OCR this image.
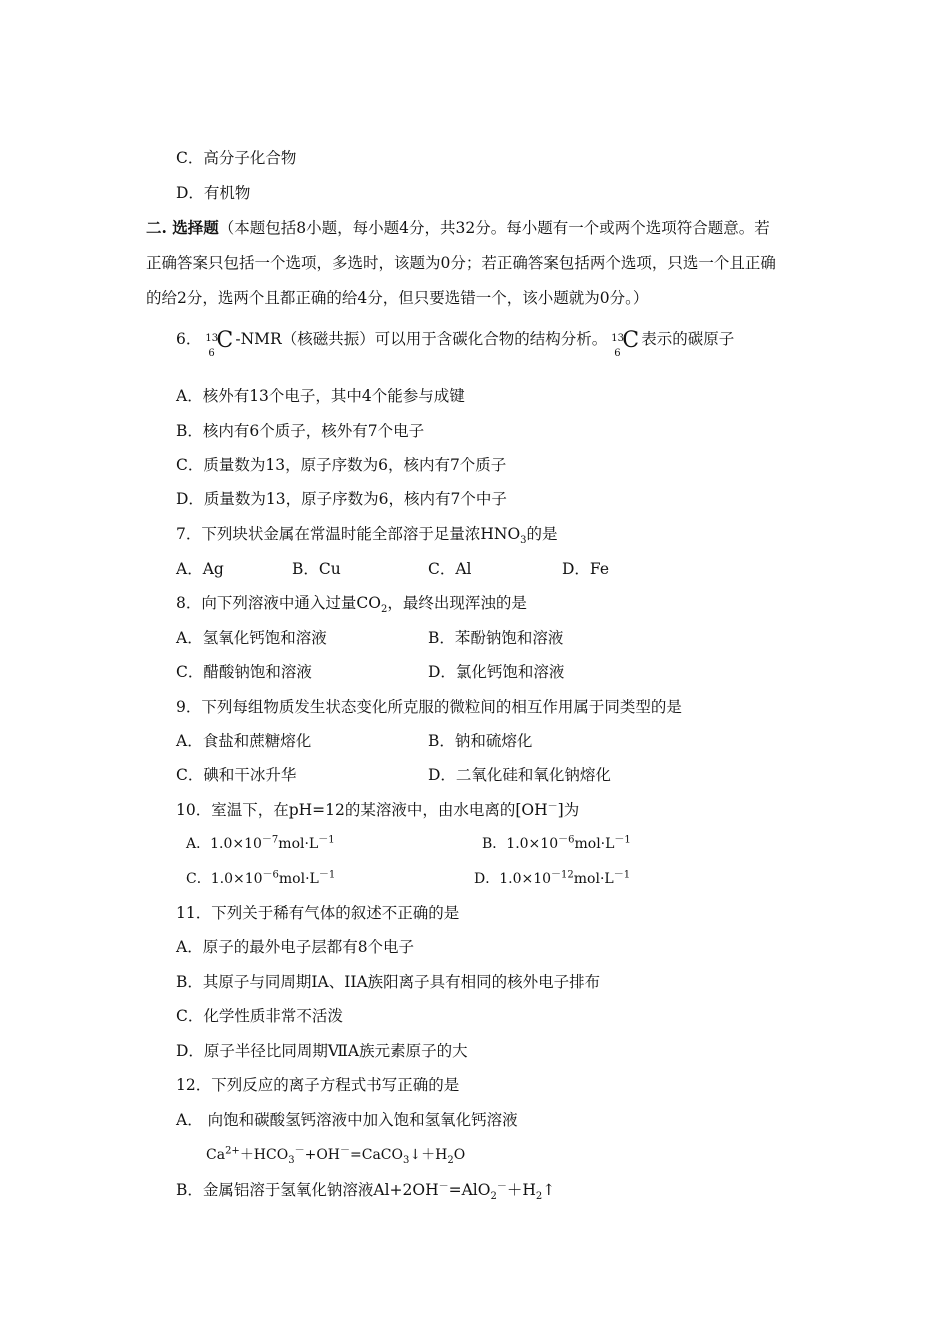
C．高分子化合物
D．有机物
二. 选择题（本题包括8小题，每小题4分，共32分。每小题有一个或两个选项符合题意。若
正确答案只包括一个选项，多选时，该题为0分；若正确答案包括两个选项，只选一个且正确
的给2分，选两个且都正确的给4分，但只要选错一个，该小题就为0分。）
6． 13
6
C -NMR（核磁共振）可以用于含碳化合物的结构分析。 13
6
C 表示的碳原子
A．核外有13个电子，其中4个能参与成键
B．核内有6个质子，核外有7个电子
C．质量数为13，原子序数为6，核内有7个质子
D．质量数为13，原子序数为6，核内有7个中子
7．下列块状金属在常温时能全部溶于足量浓$HNO_3$的是
A．Ag	B．Cu	C．Al	D．Fe
8．向下列溶液中通入过量$CO_2$，最终出现浑浊的是
A．氢氧化钙饱和溶液	B．苯酚钠饱和溶液
C．醋酸钠饱和溶液	D．氯化钙饱和溶液
9．下列每组物质发生状态变化所克服的微粒间的相互作用属于同类型的是
A．食盐和蔗糖熔化	B．钠和硫熔化
C．碘和干冰升华	D．二氧化硅和氧化钠熔化
10．室温下，在pH=12的某溶液中，由水电离的[OH－]为
A．$1.0\times 10^{-7}mol\cdot L^{-1}$	B．$1.0\times 10^{-6}mol\cdot L^{-1}$
C．$1.0\times 10^{-6}mol\cdot L^{-1}$	D．$1.0\times 10^{-12}mol\cdot L^{-1}$
11．下列关于稀有气体的叙述不正确的是
A．原子的最外电子层都有8个电子
B．其原子与同周期IA、IIA族阳离子具有相同的核外电子排布
C．化学性质非常不活泼
D．原子半径比同周期ⅦA族元素原子的大
12．下列反应的离子方程式书写正确的是
A． 向饱和碳酸氢钙溶液中加入饱和氢氧化钙溶液
$Ca^{2+}+HCO_3^-+OH^-=CaCO_3↓+H_2O$
B．金属铝溶于氢氧化钠溶液$Al+2OH^-=AlO_2^-+H_2↑$
